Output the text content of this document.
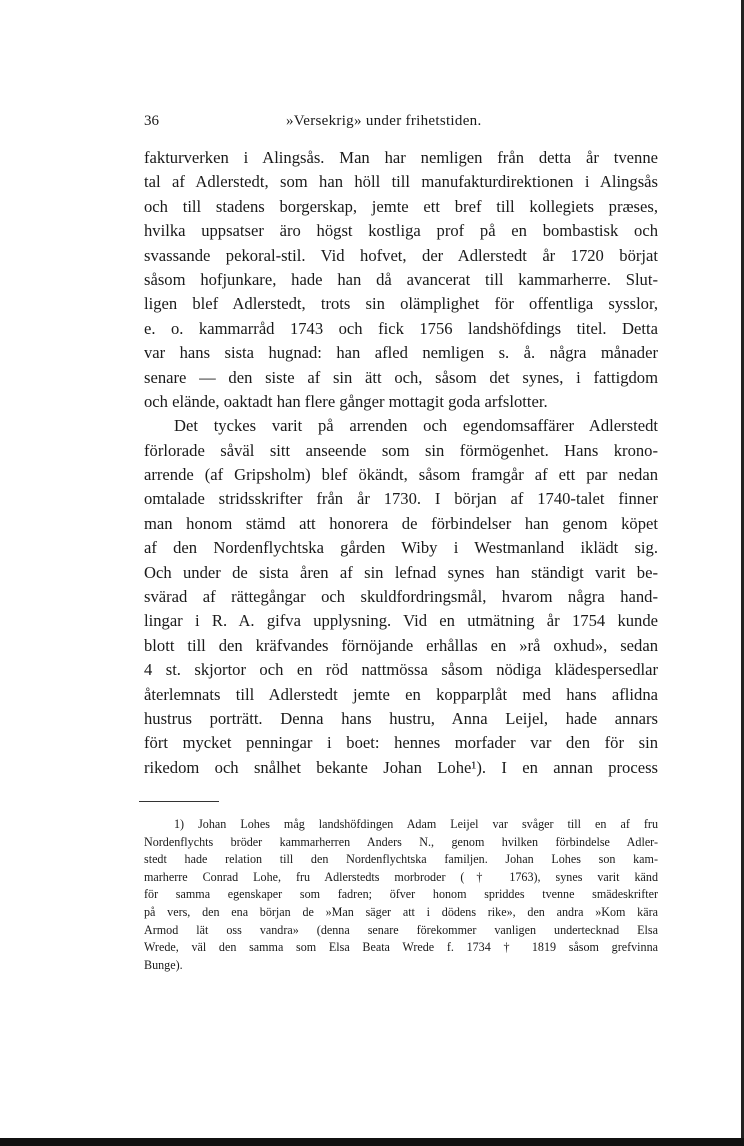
36	»Versekrig» under frihetstiden.
fakturverken i Alingsås. Man har nemligen från detta år tvenne
tal af Adlerstedt, som han höll till manufakturdirektionen i Alingsås
och till stadens borgerskap, jemte ett bref till kollegiets præses,
hvilka uppsatser äro högst kostliga prof på en bombastisk och
svassande pekoral-stil. Vid hofvet, der Adlerstedt år 1720 börjat
såsom hofjunkare, hade han då avancerat till kammarherre. Slut-
ligen blef Adlerstedt, trots sin olämplighet för offentliga sysslor,
e. o. kammarråd 1743 och fick 1756 landshöfdings titel. Detta
var hans sista hugnad: han afled nemligen s. å. några månader
senare — den siste af sin ätt och, såsom det synes, i fattigdom
och elände, oaktadt han flere gånger mottagit goda arfslotter.
Det tyckes varit på arrenden och egendomsaffärer Adlerstedt
förlorade såväl sitt anseende som sin förmögenhet. Hans krono-
arrende (af Gripsholm) blef ökändt, såsom framgår af ett par nedan
omtalade stridsskrifter från år 1730. I början af 1740-talet finner
man honom stämd att honorera de förbindelser han genom köpet
af den Nordenflychtska gården Wiby i Westmanland iklädt sig.
Och under de sista åren af sin lefnad synes han ständigt varit be-
svärad af rättegångar och skuldfordringsmål, hvarom några hand-
lingar i R. A. gifva upplysning. Vid en utmätning år 1754 kunde
blott till den kräfvandes förnöjande erhållas en »rå oxhud», sedan
4 st. skjortor och en röd nattmössa såsom nödiga klädespersedlar
återlemnats till Adlerstedt jemte en kopparplåt med hans aflidna
hustrus porträtt. Denna hans hustru, Anna Leijel, hade annars
fört mycket penningar i boet: hennes morfader var den för sin
rikedom och snålhet bekante Johan Lohe¹). I en annan process
1) Johan Lohes måg landshöfdingen Adam Leijel var svåger till en af fru
Nordenflychts bröder kammarherren Anders N., genom hvilken förbindelse Adler-
stedt hade relation till den Nordenflychtska familjen. Johan Lohes son kam-
marherre Conrad Lohe, fru Adlerstedts morbroder († 1763), synes varit känd
för samma egenskaper som fadren; öfver honom spriddes tvenne smädeskrifter
på vers, den ena början de »Man säger att i dödens rike», den andra »Kom kära
Armod lät oss vandra» (denna senare förekommer vanligen undertecknad Elsa
Wrede, väl den samma som Elsa Beata Wrede f. 1734 † 1819 såsom grefvinna
Bunge).
